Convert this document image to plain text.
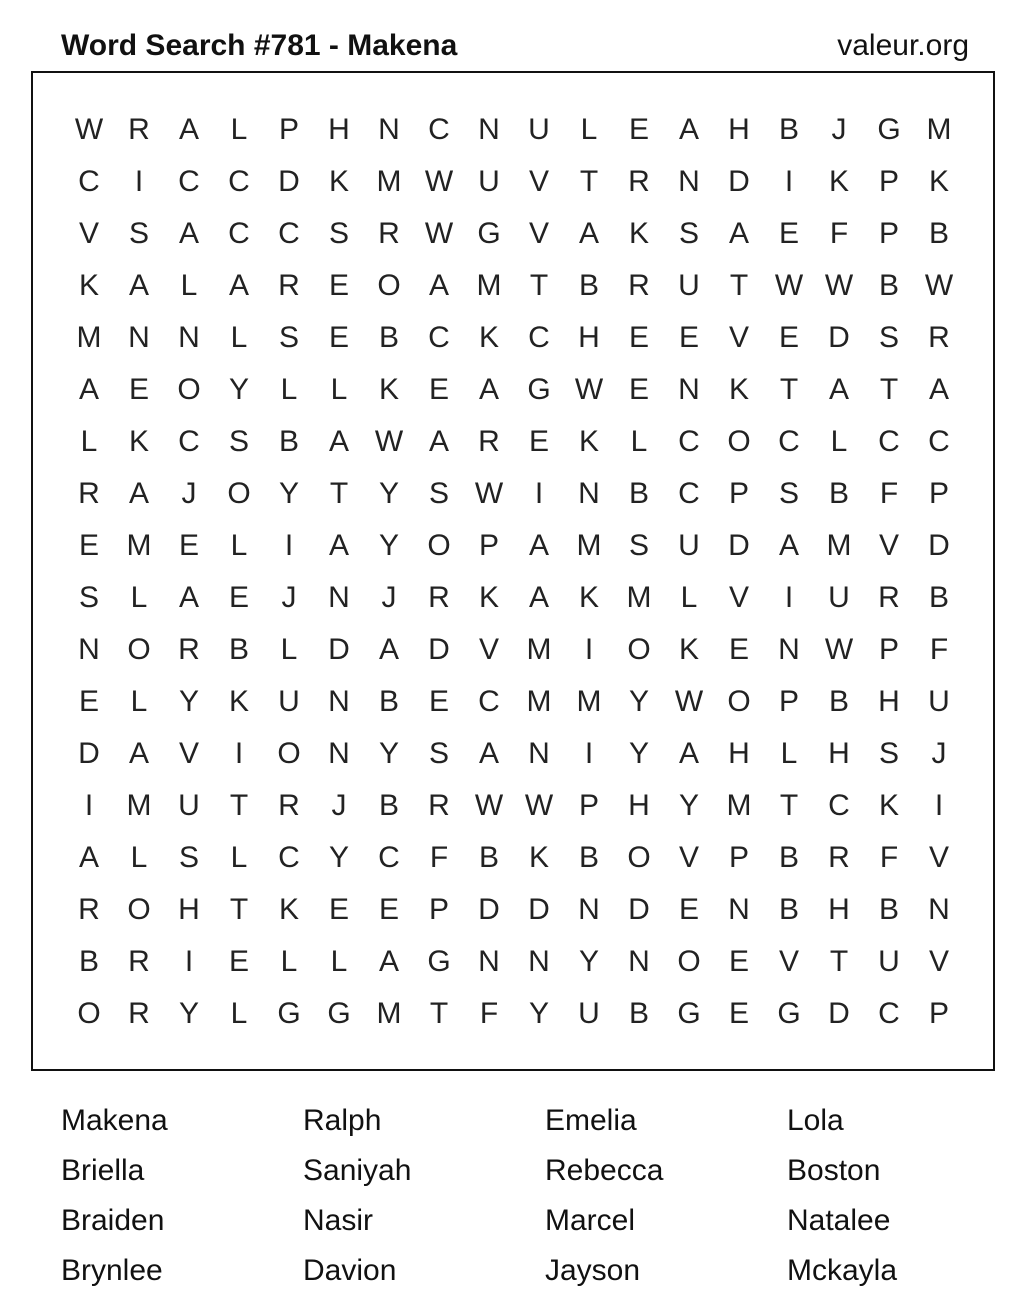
Word Search #781 - Makena	valeur.org
W R A	L	P H N C N U	L	E A H B	J	G M
C	I	C C D K M W U V	T	R N D	I	K P K
V S A C C S R W G V A K S A E	F	P B
K A	L	A R E O A M T	B R U	T W W B W
M N N	L	S E B C K C H E E V E D S R
A E O Y	L	L	K E A G W E N K	T	A	T	A
L	K C S B A W A R E K	L	C O C	L	C C
R A	J	O Y	T	Y S W	I	N B C P S B	F	P
E M E	L	I	A Y O P A M S U D A M V D
S	L	A E	J	N	J	R K A K M L	V	I	U R B
N O R B	L	D A D V M	I	O K E N W P	F
E	L	Y K U N B E C M M Y W O P B H U
D A V	I	O N Y S A N	I	Y A H	L	H S	J
I	M U	T	R	J	B R W W P H Y M T	C K	I
A	L	S	L	C Y C	F	B K B O V P B R	F	V
R O H	T	K E E P D D N D E N B H B N
B R	I	E	L	L	A G N N Y N O E V	T	U V
O R Y	L G G M T	F	Y U B G E G D C P
Makena	Ralph	Emelia	Lola
Briella	Saniyah	Rebecca	Boston
Braiden	Nasir	Marcel	Natalee
Brynlee	Davion	Jayson	Mckayla
